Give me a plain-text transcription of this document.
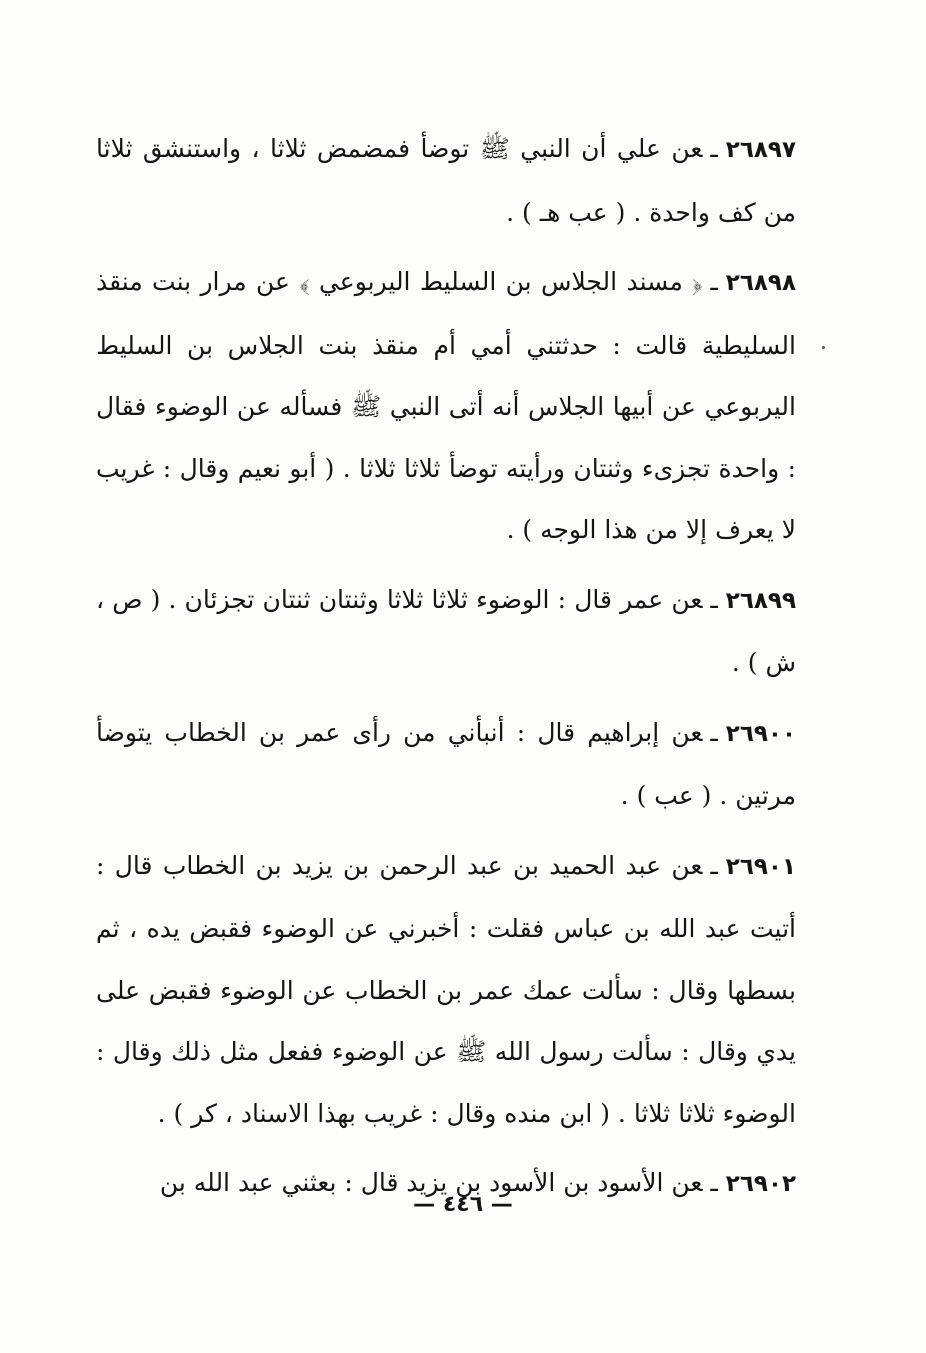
٢٦٨٩٧ـعن علي أن النبي ﷺ توضأ فمضمض ثلاثا ، واستنشق ثلاثا من كف واحدة . ( عب هـ ) .

٢٦٨٩٨ـ﴿ مسند الجلاس بن السليط اليربوعي ﴾ عن مرار بنت منقذ السليطية قالت : حدثتني أمي أم منقذ بنت الجلاس بن السليط اليربوعي عن أبيها الجلاس أنه أتى النبي ﷺ فسأله عن الوضوء فقال : واحدة تجزىء وثنتان ورأيته توضأ ثلاثا ثلاثا . ( أبو نعيم وقال : غريب لا يعرف إلا من هذا الوجه ) .

٢٦٨٩٩ـعن عمر قال : الوضوء ثلاثا ثلاثا وثنتان ثنتان تجزئان . ( ص ، ش ) .

٢٦٩٠٠ـعن إبراهيم قال : أنبأني من رأى عمر بن الخطاب يتوضأ مرتين . ( عب ) .

٢٦٩٠١ـعن عبد الحميد بن عبد الرحمن بن يزيد بن الخطاب قال : أتيت عبد الله بن عباس فقلت : أخبرني عن الوضوء فقبض يده ، ثم بسطها وقال : سألت عمك عمر بن الخطاب عن الوضوء فقبض على يدي وقال : سألت رسول الله ﷺ عن الوضوء ففعل مثل ذلك وقال : الوضوء ثلاثا ثلاثا . ( ابن منده وقال : غريب بهذا الاسناد ، كر ) .

٢٦٩٠٢ـعن الأسود بن الأسود بن يزيد قال : بعثني عبد الله بن

— ٤٤٦ —
